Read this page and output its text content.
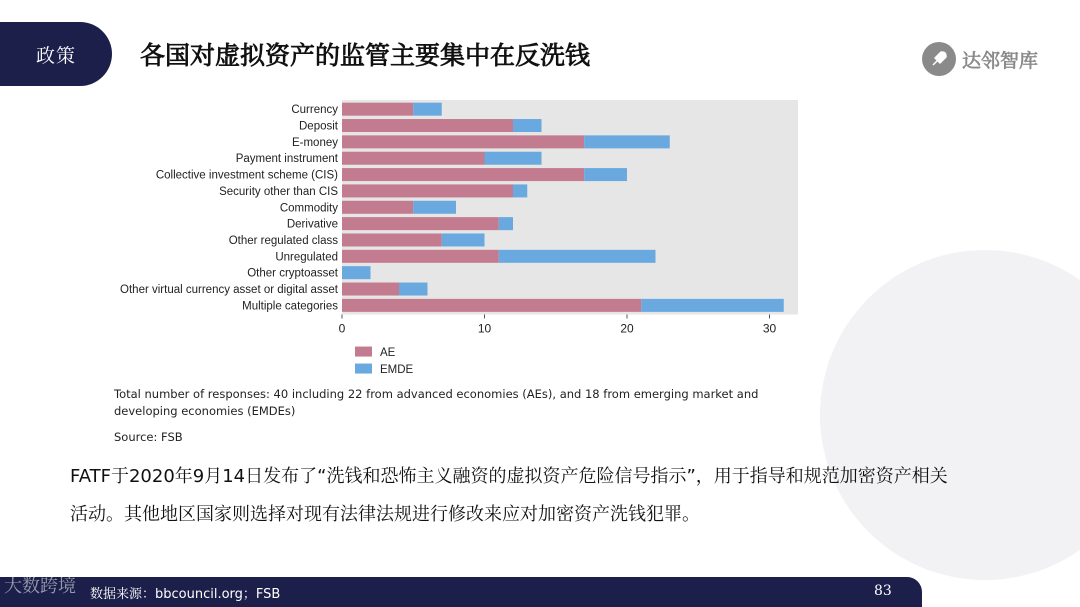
政策	各国对虚拟资产的监管主要集中在反洗钱	达邻智库
Currency
Deposit
E-money
Payment instrument
Collective investment scheme (CIS)
Security other than CIS
Commodity
Derivative
Other regulated class
Unregulated
Other cryptoasset
Other virtual currency asset or digital asset
Multiple categories
0	10	20	30
AE
EMDE
Total number of responses: 40 including 22 from advanced economies (AEs), and 18 from emerging market and developing economies (EMDEs)
Source: FSB
FATF于2020年9月14日发布了“洗钱和恐怖主义融资的虚拟资产危险信号指示”，用于指导和规范加密资产相关活动。其他地区国家则选择对现有法律法规进行修改来应对加密资产洗钱犯罪。
大数跨境 数据来源：bbcouncil.org；FSB	83
